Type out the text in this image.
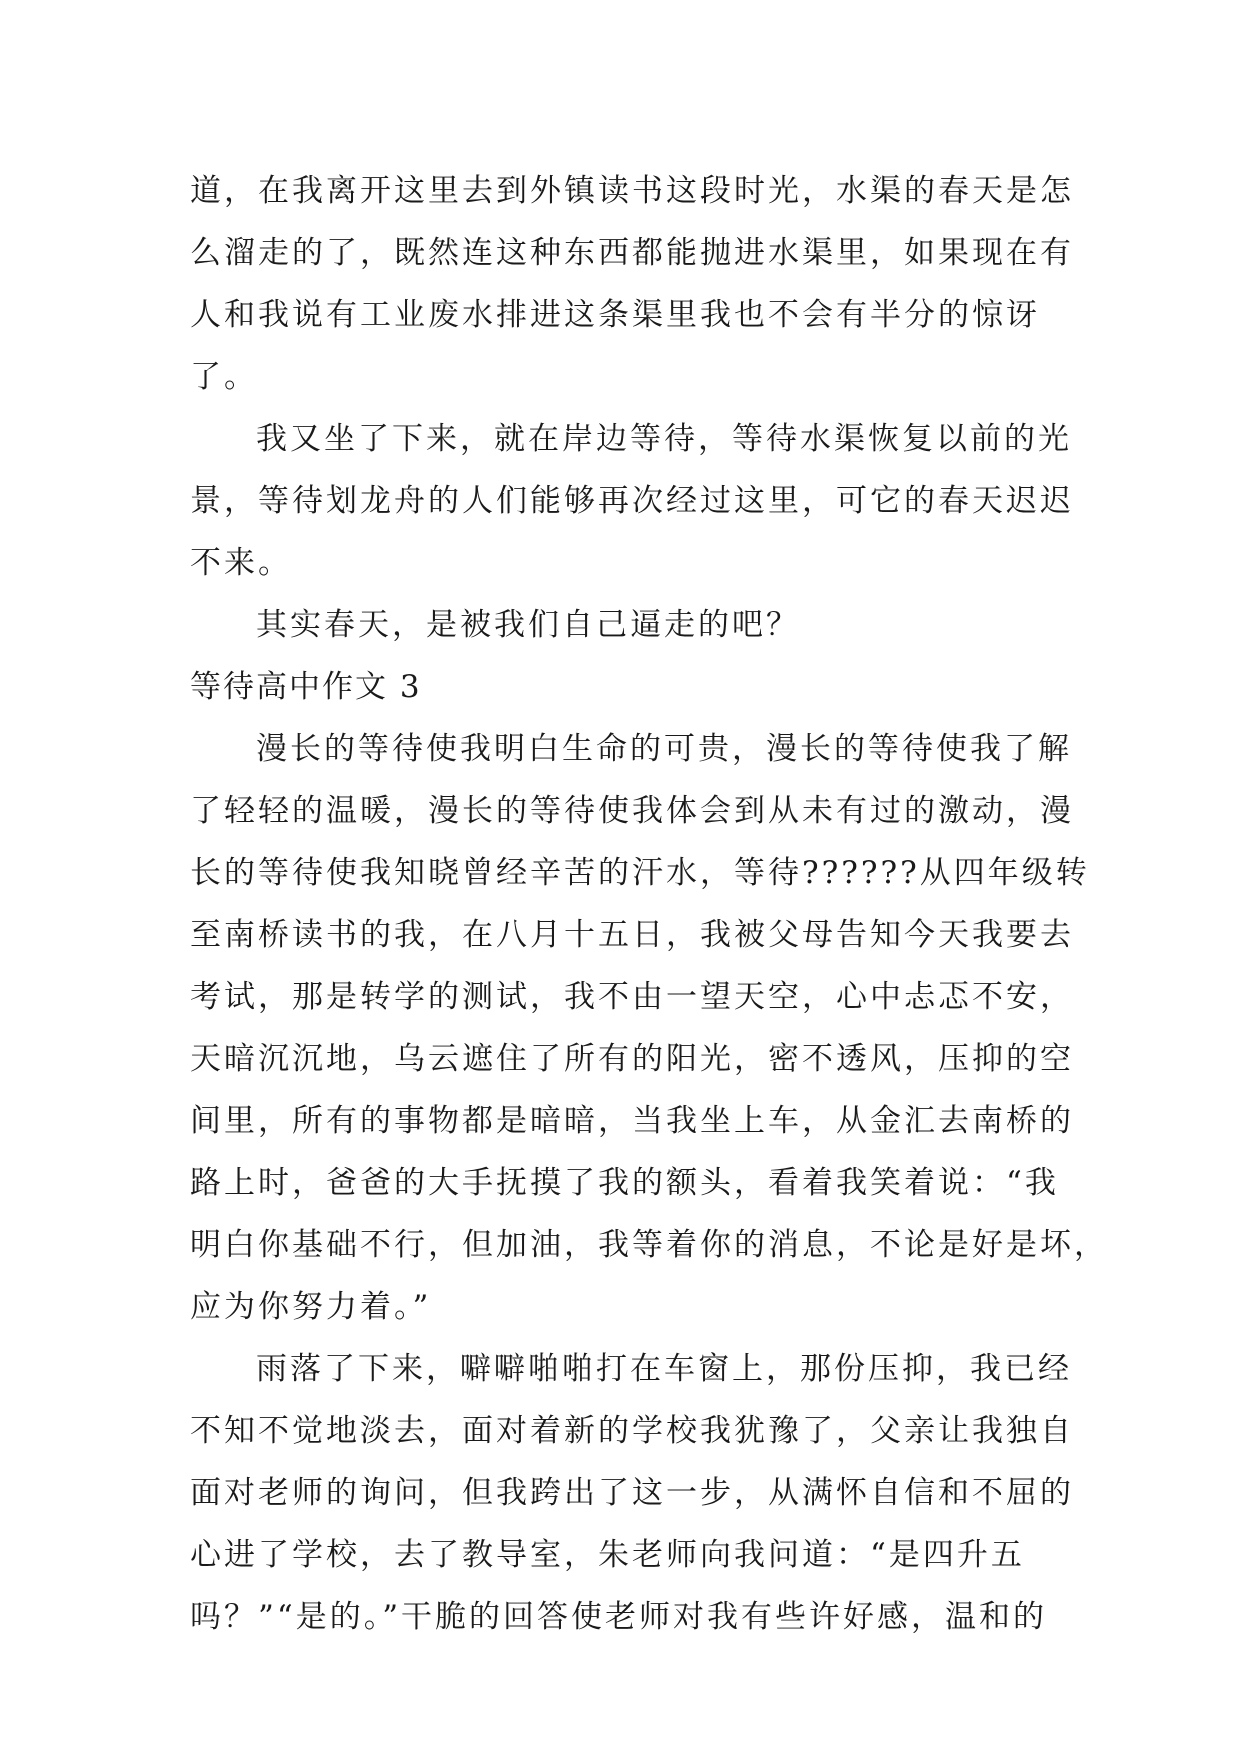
道，在我离开这里去到外镇读书这段时光，水渠的春天是怎
么溜走的了，既然连这种东西都能抛进水渠里，如果现在有
人和我说有工业废水排进这条渠里我也不会有半分的惊讶
了。
我又坐了下来，就在岸边等待，等待水渠恢复以前的光
景，等待划龙舟的人们能够再次经过这里，可它的春天迟迟
不来。
其实春天，是被我们自己逼走的吧？
等待高中作文 3
漫长的等待使我明白生命的可贵，漫长的等待使我了解
了轻轻的温暖，漫长的等待使我体会到从未有过的激动，漫
长的等待使我知晓曾经辛苦的汗水，等待??????从四年级转
至南桥读书的我，在八月十五日，我被父母告知今天我要去
考试，那是转学的测试，我不由一望天空，心中忐忑不安，
天暗沉沉地，乌云遮住了所有的阳光，密不透风，压抑的空
间里，所有的事物都是暗暗，当我坐上车，从金汇去南桥的
路上时，爸爸的大手抚摸了我的额头，看着我笑着说：“我
明白你基础不行，但加油，我等着你的消息，不论是好是坏，
应为你努力着。”
雨落了下来，噼噼啪啪打在车窗上，那份压抑，我已经
不知不觉地淡去，面对着新的学校我犹豫了，父亲让我独自
面对老师的询问，但我跨出了这一步，从满怀自信和不屈的
心进了学校，去了教导室，朱老师向我问道：“是四升五
吗？”“是的。”干脆的回答使老师对我有些许好感，温和的
